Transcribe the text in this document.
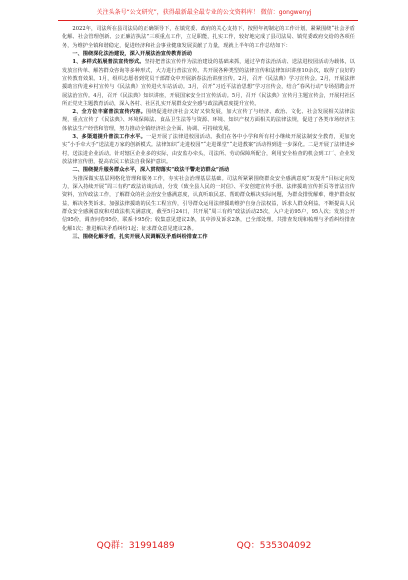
关注头条号“公文研究”，获得最新最全最专业的公文资料库！ 微信：gongwenyj

2022年，司法所在县司法局的正确领导下，在镇党委、政府的关心支持下，按照年初制定的工作计划，紧紧围绕“社会矛盾化解、社会管理创新、公正廉洁执法”三项重点工作，立足职能，扎实工作，较好地完成了县司法局、镇党委政府交给的各项任务，为维护全镇和谐稳定，促进经济和社会事业健康发展贡献了力量，现就上半年的工作总结如下：

一、围绕深化法治建设，深入开展法治宣传教育活动

1、多样式拓展普法宣传形式。坚持把普法宣传作为法治建设的基础来抓，通过孕育法治活动、送法进校园活动为载体，以发放宣传单、解答群众咨询等多种形式，大力进行普法宣传。共开展各种类型的法律宣传和法律知识讲座10余次，取得了良好的宣传教育效果。1月，组织志愿者到党员干部群众中开展新春法治讲座宣传。2月，召开《民法典》学习宣传会。2月，开展法律援助宣传进乡村宣传与《民法典》宣传进火车站活动。3月，召开“习近平法治思想”学习宣传会，结合“春风行动”专场招聘会开展法治宣传。4月，召开《民法典》知识讲座，开展国家安全日宣传活动。5月，召开《民法典》宣传月主题宣传会，开展村社区所正党史主题教育活动，深入各村、社区扎实开展群众安全感与政法满意度提升宣传。

2、全方位丰富普法宣传内容。围绕促进经济社会又好又快发展，加大宣传了与经济、政治、文化、社会发展相关法律法规，重点宣传了《民法典》、环境保障法、食品卫生法等与资源、环境、知识产权方面相关的法律法规，促进了各类市场经济主体依法生产经营和管理，努力推动全镇经济社会全面、协调、可持续发展。

3、多渠道提升普法工作水平。一是开展了法律进校园活动。我们在各中小学和所有村小继续开展法制安全教育，更加充实“小手牵大手”送法进万家的创新模式。法律知识“走进校园”“走进课堂”“走进教案”活动得到进一步深化。二是开展了法律进乡村，送法进企业活动。针对辖区企业多的实际，由安监办牵头，司法所、劳动保障所配合，利用安全检查的机会到工厂、企业发放法律宣传册，提高农民工依法自我保护意识。

二、围绕提升服务群众水平，深入贯彻落实“政法干警走访群众”活动

为推深做实基层网格化管理和服务工作，夯实社会治理基层基础。司法所紧紧围绕群众安全感满意度“双提升”目标定向发力，深入持续开展“周三有约”政法访谈活动，分发《致全县人民的一封信》、平安创建宣传手册、法律援助宣传折页等普法宣传资料，宣传政法工作，了解群众的社会治安全感满意度，认真听取民意、帮助群众解决实际问题，为群众排忧解难，维护群众权益，解决各类诉求。加强法律援助的民生工程宣传，引导群众运用法律援助维护自身合法权益，诉求人群众利益。不断提高人民群众安全感满意度和对政法机关满意度，截至5月24日，共开展“周三有约”政法活动25次，入户走访95户，95人次；发放公开信95份，调查问卷95份，联系卡95份；收集意见建议2条，其中涉及诉求2条，已全部处理。共排查发现和梳理与矛盾纠纷排查化解1次；推进解决矛盾纠纷1起；征求群众意见建议2条。

三、围绕化解矛盾，扎实开展人民调解及矛盾纠纷排查工作

QQ群：31991489	QQ：535304092
